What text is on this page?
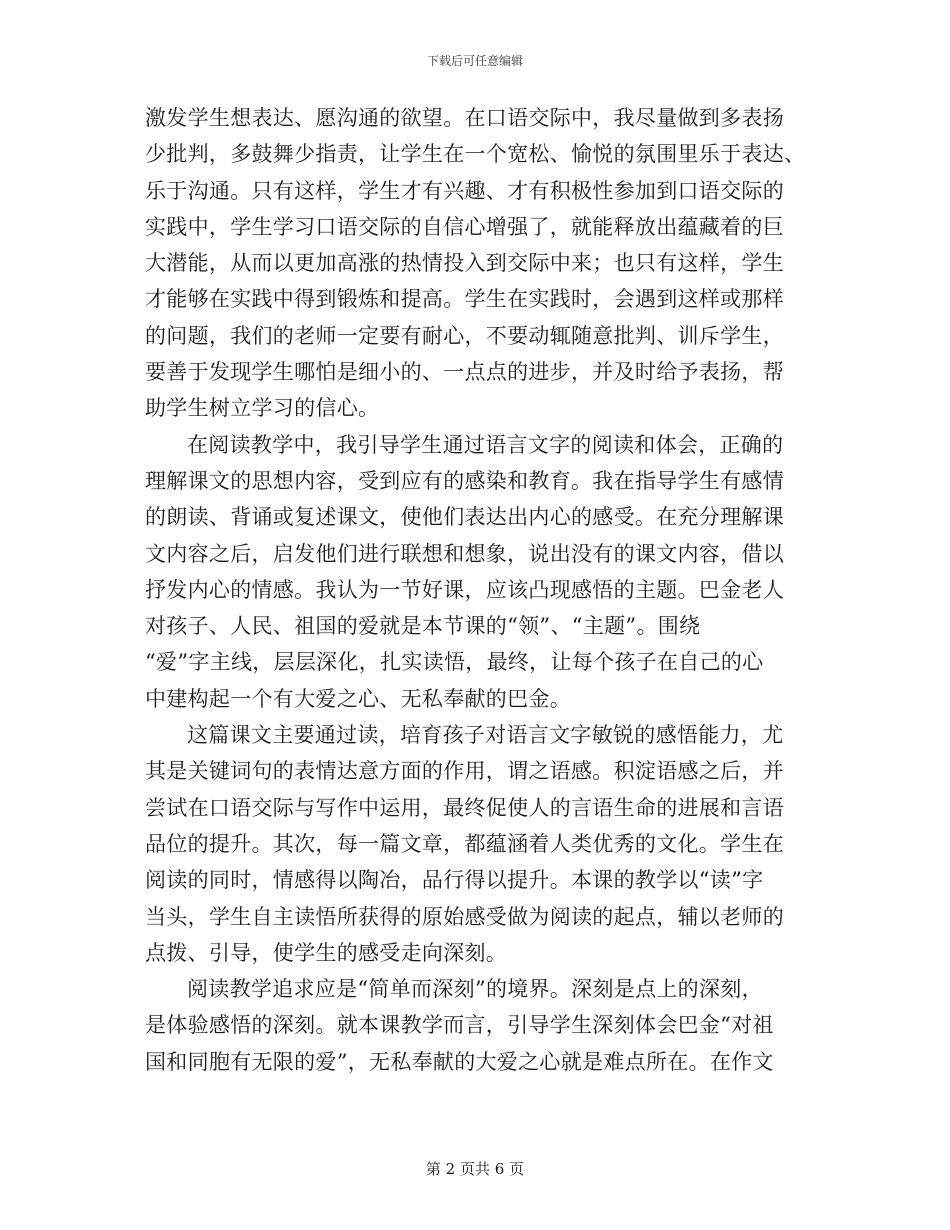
下载后可任意编辑
激发学生想表达、愿沟通的欲望。在口语交际中，我尽量做到多表扬
少批判，多鼓舞少指责，让学生在一个宽松、愉悦的氛围里乐于表达、
乐于沟通。只有这样，学生才有兴趣、才有积极性参加到口语交际的
实践中，学生学习口语交际的自信心增强了，就能释放出蕴藏着的巨
大潜能，从而以更加高涨的热情投入到交际中来；也只有这样，学生
才能够在实践中得到锻炼和提高。学生在实践时，会遇到这样或那样
的问题，我们的老师一定要有耐心，不要动辄随意批判、训斥学生，
要善于发现学生哪怕是细小的、一点点的进步，并及时给予表扬，帮
助学生树立学习的信心。
在阅读教学中，我引导学生通过语言文字的阅读和体会，正确的
理解课文的思想内容，受到应有的感染和教育。我在指导学生有感情
的朗读、背诵或复述课文，使他们表达出内心的感受。在充分理解课
文内容之后，启发他们进行联想和想象，说出没有的课文内容，借以
抒发内心的情感。我认为一节好课，应该凸现感悟的主题。巴金老人
对孩子、人民、祖国的爱就是本节课的“领”、“主题”。围绕
“爱”字主线，层层深化，扎实读悟，最终，让每个孩子在自己的心
中建构起一个有大爱之心、无私奉献的巴金。
这篇课文主要通过读，培育孩子对语言文字敏锐的感悟能力，尤
其是关键词句的表情达意方面的作用，谓之语感。积淀语感之后，并
尝试在口语交际与写作中运用，最终促使人的言语生命的进展和言语
品位的提升。其次，每一篇文章，都蕴涵着人类优秀的文化。学生在
阅读的同时，情感得以陶冶，品行得以提升。本课的教学以“读”字
当头，学生自主读悟所获得的原始感受做为阅读的起点，辅以老师的
点拨、引导，使学生的感受走向深刻。
阅读教学追求应是“简单而深刻”的境界。深刻是点上的深刻，
是体验感悟的深刻。就本课教学而言，引导学生深刻体会巴金“对祖
国和同胞有无限的爱”，无私奉献的大爱之心就是难点所在。在作文
第 2 页共 6 页
